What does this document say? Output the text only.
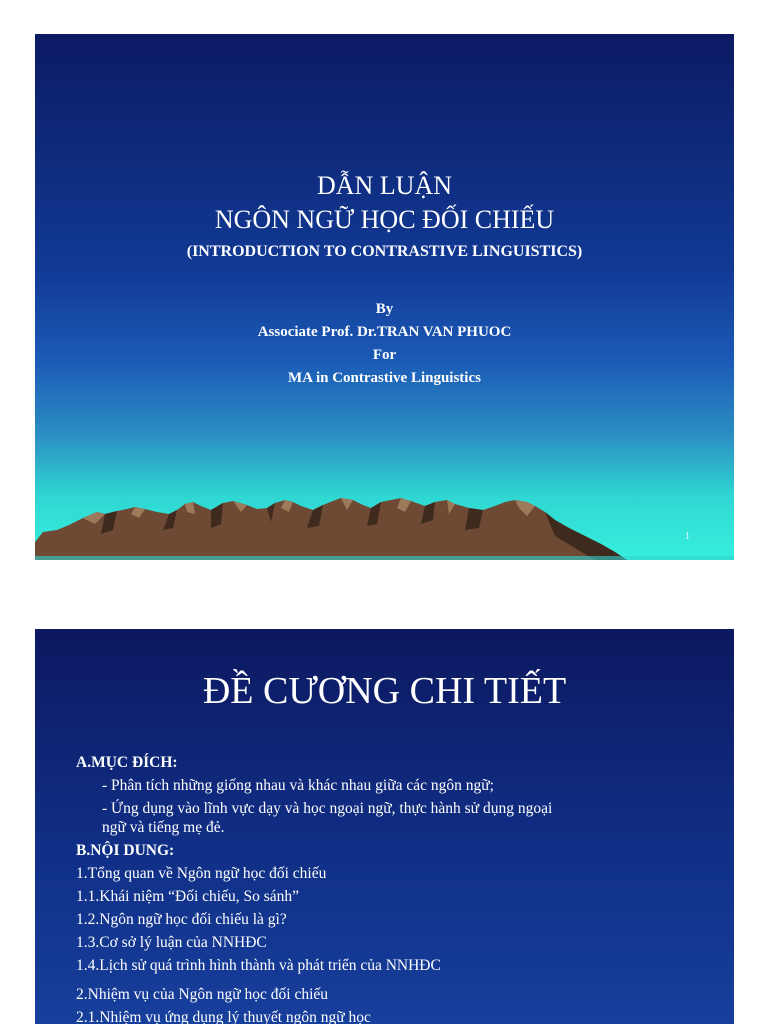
DẪN LUẬN
NGÔN NGỮ HỌC ĐỐI CHIẾU
(INTRODUCTION TO CONTRASTIVE LINGUISTICS)
By
Associate Prof. Dr.TRAN VAN PHUOC
For
MA in Contrastive Linguistics
1
ĐỀ CƯƠNG CHI TIẾT
A.MỤC ĐÍCH:
- Phân tích những giống nhau và khác nhau giữa các ngôn ngữ;
- Ứng dụng vào lĩnh vực dạy và học ngoại ngữ, thực hành sử dụng ngoại
ngữ và tiếng mẹ đẻ.
B.NỘI DUNG:
1.Tổng quan về Ngôn ngữ học đối chiếu
1.1.Khái niệm “Đối chiếu, So sánh”
1.2.Ngôn ngữ học đối chiếu là gì?
1.3.Cơ sở lý luận của NNHĐC
1.4.Lịch sử quá trình hình thành và phát triển của NNHĐC
2.Nhiệm vụ của Ngôn ngữ học đối chiếu
2.1.Nhiệm vụ ứng dụng lý thuyết ngôn ngữ học
